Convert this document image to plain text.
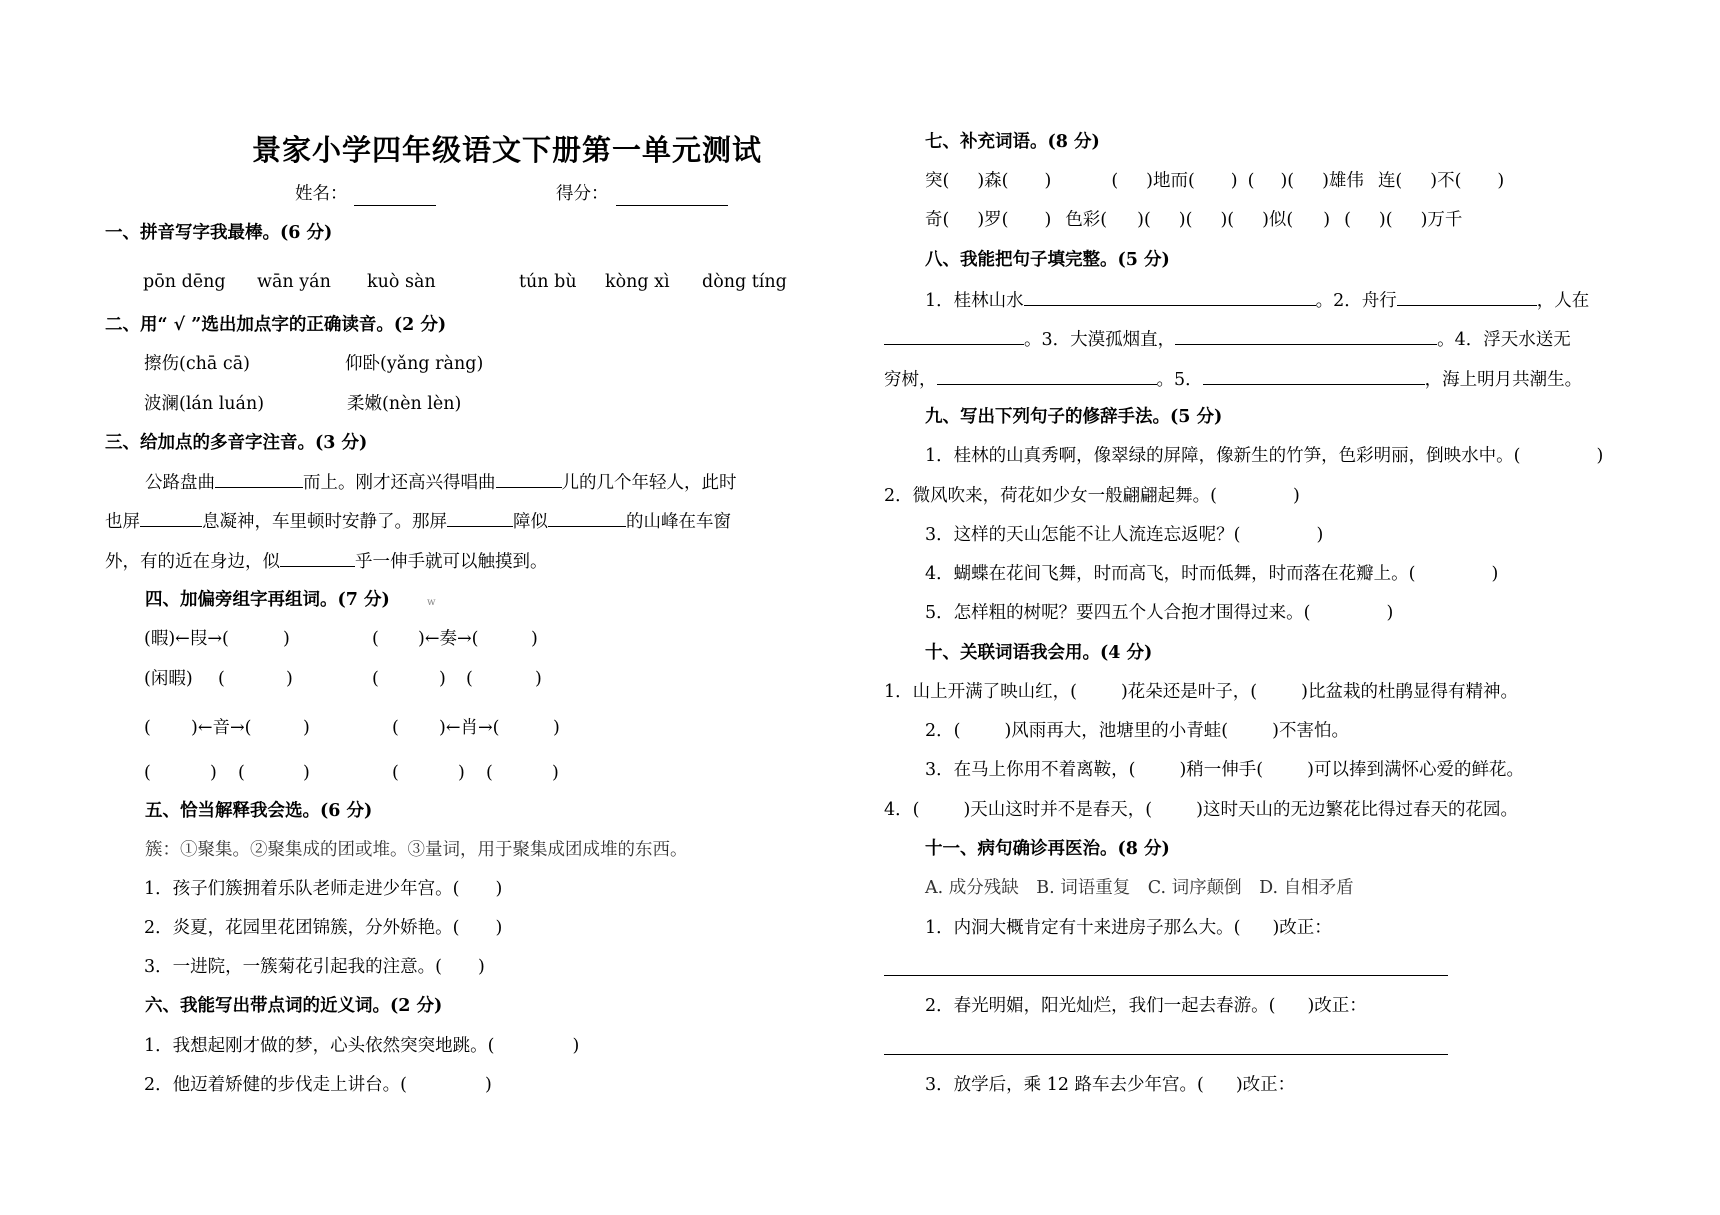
景家小学四年级语文下册第一单元测试
姓名：	得分：
一、拼音写字我最棒。(6 分)
pōn dēng wān yán kuò sàn	tún bù kòng xì dòng tíng
二、用“ √ ”选出加点字的正确读音。(2 分)
擦伤(chā cā)	仰卧(yǎng ràng)
波澜(lán luán)	柔嫩(nèn lèn)
三、给加点的多音字注音。(3 分)
公路盘曲	而上。刚才还高兴得唱曲	儿的几个年轻人，此时
也屏	息凝神，车里顿时安静了。那屏	障似	的山峰在车窗
外，有的近在身边，似	乎一伸手就可以触摸到。
四、加偏旁组字再组词。(7 分)	w
(暇)←叚→(	)	( )←奏→(	)
(闲暇) (	)	(	) (	)
( )←音→(	)	( )←肖→(	)
(	) (	)	(	) (	)
五、恰当解释我会选。(6 分)
簇：①聚集。②聚集成的团或堆。③量词，用于聚集成团成堆的东西。
1．孩子们簇拥着乐队老师走进少年宫。( )
2．炎夏，花园里花团锦簇，分外娇艳。( )
3．一进院，一簇菊花引起我的注意。( )
六、我能写出带点词的近义词。(2 分)
1．我想起刚才做的梦，心头依然突突地跳。(	)
2．他迈着矫健的步伐走上讲台。(	)
七、补充词语。(8 分)
突( )森( )	( )地而( ) ( )( )雄伟 连( )不( )
奇( )罗( ) 色彩( )( )( )( )似( ) ( )( )万千
八、我能把句子填完整。(5 分)
1．桂林山水	。2．舟行	，人在
。3．大漠孤烟直，	。4．浮天水送无
穷树，	。5．	，海上明月共潮生。
九、写出下列句子的修辞手法。(5 分)
1．桂林的山真秀啊，像翠绿的屏障，像新生的竹笋，色彩明丽，倒映水中。(	)
2．微风吹来，荷花如少女一般翩翩起舞。(	)
3．这样的天山怎能不让人流连忘返呢？(	)
4．蝴蝶在花间飞舞，时而高飞，时而低舞，时而落在花瓣上。(	)
5．怎样粗的树呢？要四五个人合抱才围得过来。(	)
十、关联词语我会用。(4 分)
1．山上开满了映山红，(	)花朵还是叶子，(	)比盆栽的杜鹃显得有精神。
2．(	)风雨再大，池塘里的小青蛙(	)不害怕。
3．在马上你用不着离鞍，(	)稍一伸手(	)可以捧到满怀心爱的鲜花。
4．(	)天山这时并不是春天，(	)这时天山的无边繁花比得过春天的花园。
十一、病句确诊再医治。(8 分)
A. 成分残缺　B. 词语重复　C. 词序颠倒　D. 自相矛盾
1．内洞大概肯定有十来进房子那么大。( )改正：
2．春光明媚，阳光灿烂，我们一起去春游。( )改正：
3．放学后，乘 12 路车去少年宫。( )改正：
